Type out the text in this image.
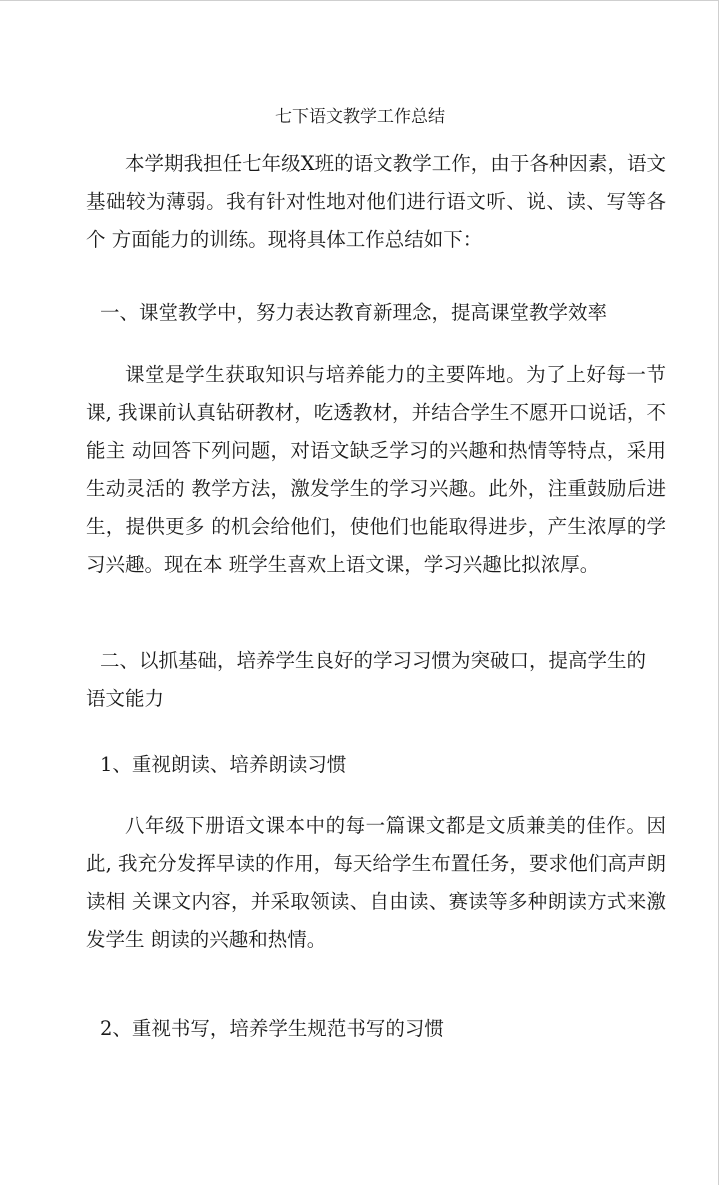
七下语文教学工作总结

本学期我担任七年级X班的语文教学工作，由于各种因素，语文 基础较为薄弱。我有针对性地对他们进行语文听、说、读、写等各个 方面能力的训练。现将具体工作总结如下：

一、课堂教学中，努力表达教育新理念，提高课堂教学效率

课堂是学生获取知识与培养能力的主要阵地。为了上好每一节课, 我课前认真钻研教材，吃透教材，并结合学生不愿开口说话，不能主 动回答下列问题，对语文缺乏学习的兴趣和热情等特点，采用生动灵活的 教学方法，激发学生的学习兴趣。此外，注重鼓励后进生，提供更多 的机会给他们，使他们也能取得进步，产生浓厚的学习兴趣。现在本 班学生喜欢上语文课，学习兴趣比拟浓厚。

二、以抓基础，培养学生良好的学习习惯为突破口，提高学生的 语文能力
1、重视朗读、培养朗读习惯

八年级下册语文课本中的每一篇课文都是文质兼美的佳作。因此, 我充分发挥早读的作用，每天给学生布置任务，要求他们高声朗读相 关课文内容，并采取领读、自由读、赛读等多种朗读方式来激发学生 朗读的兴趣和热情。

2、重视书写，培养学生规范书写的习惯
